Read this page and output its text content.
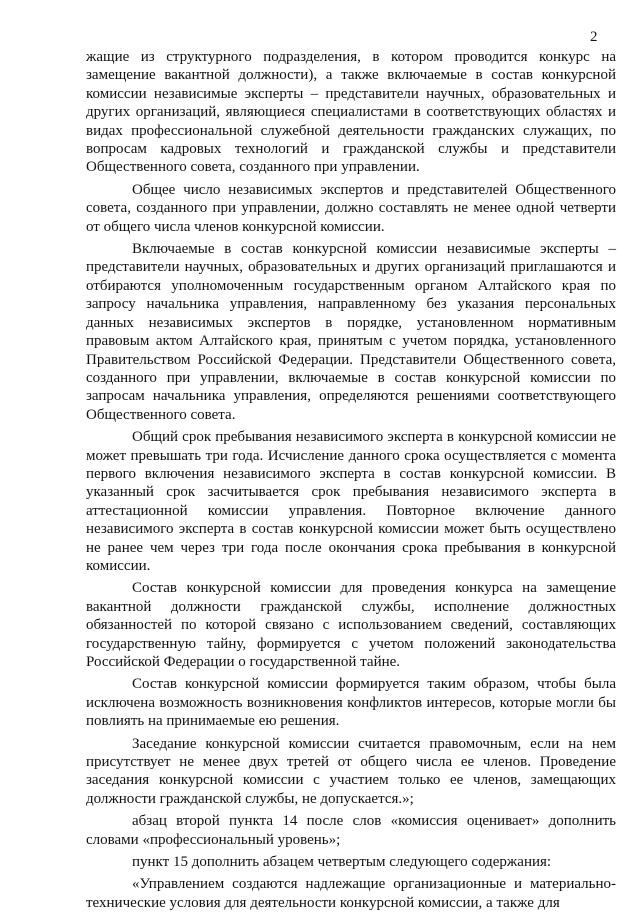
2

жащие из структурного подразделения, в котором проводится конкурс на замещение вакантной должности), а также включаемые в состав конкурсной комиссии независимые эксперты – представители научных, образовательных и других организаций, являющиеся специалистами в соответствующих областях и видах профессиональной служебной деятельности гражданских служащих, по вопросам кадровых технологий и гражданской службы и представители Общественного совета, созданного при управлении.

Общее число независимых экспертов и представителей Общественного совета, созданного при управлении, должно составлять не менее одной четверти от общего числа членов конкурсной комиссии.

Включаемые в состав конкурсной комиссии независимые эксперты – представители научных, образовательных и других организаций приглашаются и отбираются уполномоченным государственным органом Алтайского края по запросу начальника управления, направленному без указания персональных данных независимых экспертов в порядке, установленном нормативным правовым актом Алтайского края, принятым с учетом порядка, установленного Правительством Российской Федерации. Представители Общественного совета, созданного при управлении, включаемые в состав конкурсной комиссии по запросам начальника управления, определяются решениями соответствующего Общественного совета.

Общий срок пребывания независимого эксперта в конкурсной комиссии не может превышать три года. Исчисление данного срока осуществляется с момента первого включения независимого эксперта в состав конкурсной комиссии. В указанный срок засчитывается срок пребывания независимого эксперта в аттестационной комиссии управления. Повторное включение данного независимого эксперта в состав конкурсной комиссии может быть осуществлено не ранее чем через три года после окончания срока пребывания в конкурсной комиссии.

Состав конкурсной комиссии для проведения конкурса на замещение вакантной должности гражданской службы, исполнение должностных обязанностей по которой связано с использованием сведений, составляющих государственную тайну, формируется с учетом положений законодательства Российской Федерации о государственной тайне.

Состав конкурсной комиссии формируется таким образом, чтобы была исключена возможность возникновения конфликтов интересов, которые могли бы повлиять на принимаемые ею решения.

Заседание конкурсной комиссии считается правомочным, если на нем присутствует не менее двух третей от общего числа ее членов. Проведение заседания конкурсной комиссии с участием только ее членов, замещающих должности гражданской службы, не допускается.»;

абзац второй пункта 14 после слов «комиссия оценивает» дополнить словами «профессиональный уровень»;

пункт 15 дополнить абзацем четвертым следующего содержания:

«Управлением создаются надлежащие организационные и материально-технические условия для деятельности конкурсной комиссии, а также для
